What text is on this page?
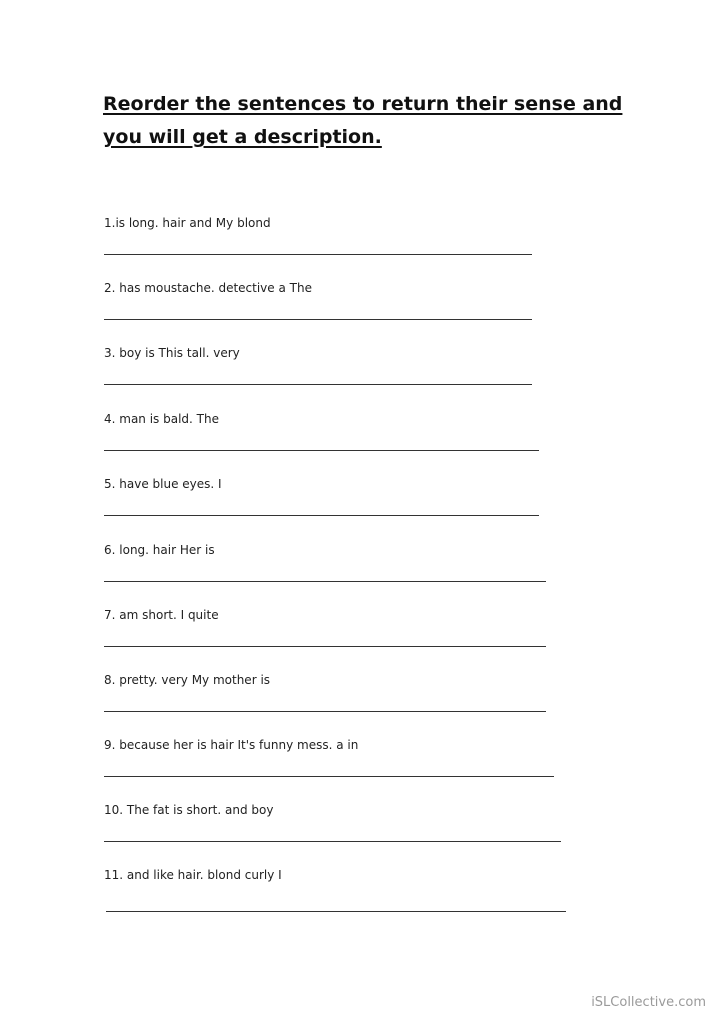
Reorder the sentences to return their sense and
you will get a description.
1.is long. hair and My blond
2. has moustache. detective a The
3. boy is This tall. very
4. man is bald. The
5. have blue eyes. I
6. long. hair Her is
7. am short. I quite
8. pretty. very My mother is
9. because her is hair It's funny mess. a in
10. The fat is short. and boy
11. and like hair. blond curly I
iSLCollective.com
